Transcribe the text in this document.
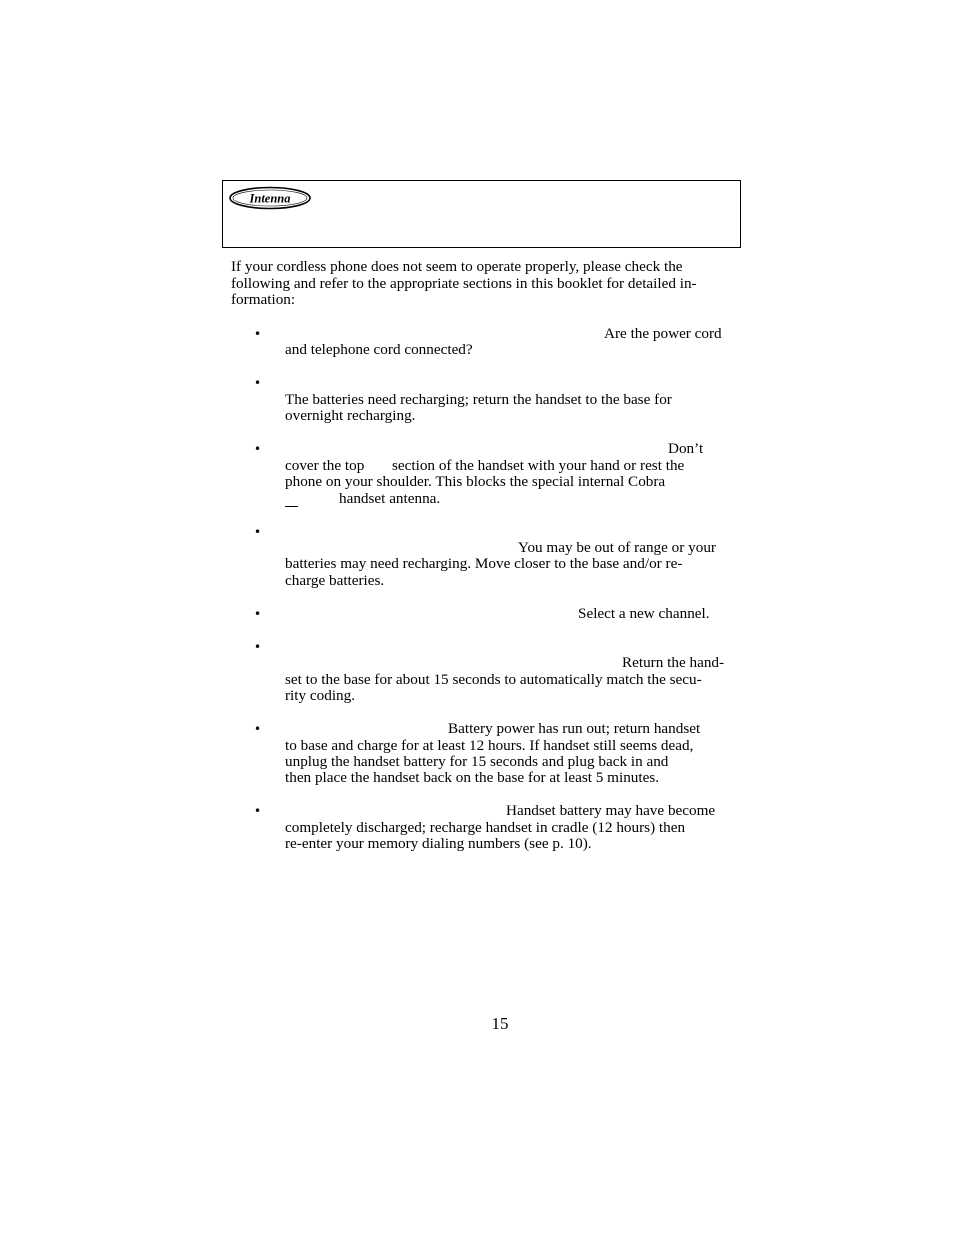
Intenna
If your cordless phone does not seem to operate properly, please check the
following and refer to the appropriate sections in this booklet for detailed in-
formation:
•	Are the power cord
and telephone cord connected?
•
The batteries need recharging; return the handset to the base for
overnight recharging.
•	Don’t
cover the top section of the handset with your hand or rest the
phone on your shoulder. This blocks the special internal Cobra
handset antenna.
•
You may be out of range or your
batteries may need recharging. Move closer to the base and/or re-
charge batteries.
•	Select a new channel.
•
Return the hand-
set to the base for about 15 seconds to automatically match the secu-
rity coding.
•	Battery power has run out; return handset
to base and charge for at least 12 hours. If handset still seems dead,
unplug the handset battery for 15 seconds and plug back in and
then place the handset back on the base for at least 5 minutes.
•	Handset battery may have become
completely discharged; recharge handset in cradle (12 hours) then
re-enter your memory dialing numbers (see p. 10).
15
